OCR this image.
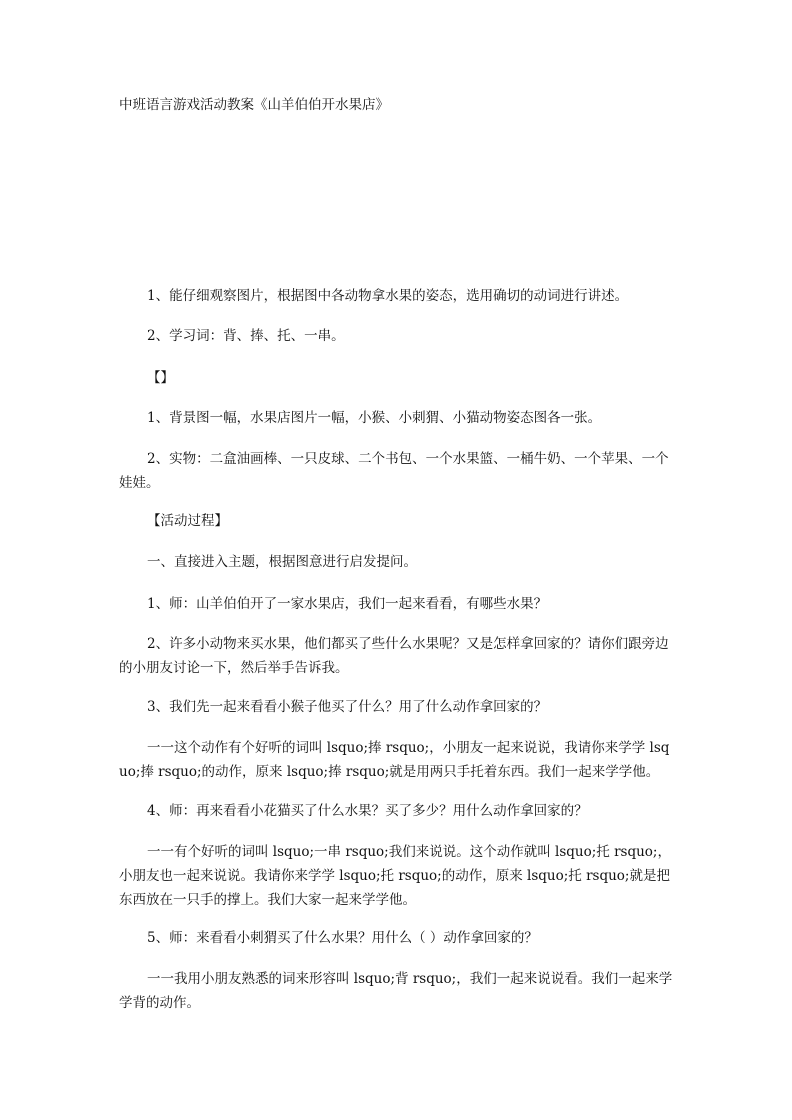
中班语言游戏活动教案《山羊伯伯开水果店》

1、能仔细观察图片，根据图中各动物拿水果的姿态，选用确切的动词进行讲述。

2、学习词：背、捧、托、一串。

【】

1、背景图一幅，水果店图片一幅，小猴、小刺猬、小猫动物姿态图各一张。

2、实物：二盒油画棒、一只皮球、二个书包、一个水果篮、一桶牛奶、一个苹果、一个娃娃。

【活动过程】

一、直接进入主题，根据图意进行启发提问。

1、师：山羊伯伯开了一家水果店，我们一起来看看，有哪些水果？

2、许多小动物来买水果，他们都买了些什么水果呢？又是怎样拿回家的？请你们跟旁边的小朋友讨论一下，然后举手告诉我。

3、我们先一起来看看小猴子他买了什么？用了什么动作拿回家的？

一一这个动作有个好听的词叫 lsquo;捧 rsquo;，小朋友一起来说说，我请你来学学 lsquo;捧 rsquo;的动作，原来 lsquo;捧 rsquo;就是用两只手托着东西。我们一起来学学他。

4、师：再来看看小花猫买了什么水果？买了多少？用什么动作拿回家的？

一一有个好听的词叫 lsquo;一串 rsquo;我们来说说。这个动作就叫 lsquo;托 rsquo;，小朋友也一起来说说。我请你来学学 lsquo;托 rsquo;的动作，原来 lsquo;托 rsquo;就是把东西放在一只手的撑上。我们大家一起来学学他。

5、师：来看看小刺猬买了什么水果？用什么（ ）动作拿回家的？

一一我用小朋友熟悉的词来形容叫 lsquo;背 rsquo;，我们一起来说说看。我们一起来学学背的动作。
